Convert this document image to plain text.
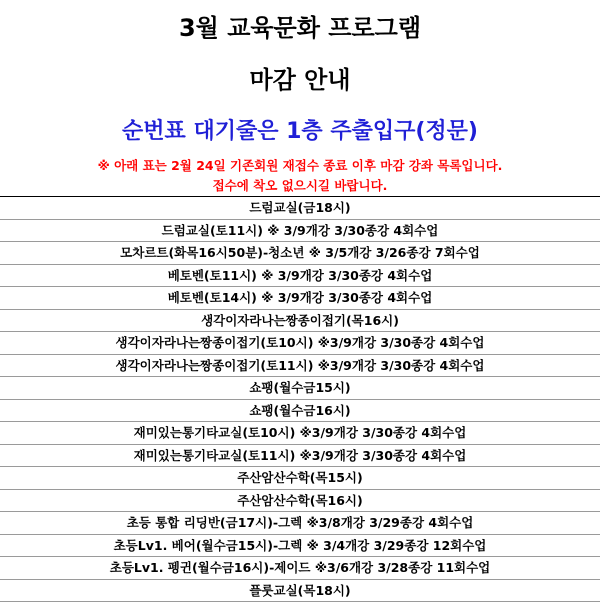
3월 교육문화 프로그램
마감 안내
순번표 대기줄은 1층 주출입구(정문)
※ 아래 표는 2월 24일 기존회원 재접수 종료 이후 마감 강좌 목록입니다.
접수에 착오 없으시길 바랍니다.
드럼교실(금18시)
드럼교실(토11시) ※ 3/9개강 3/30종강 4회수업
모차르트(화목16시50분)-청소년 ※ 3/5개강 3/26종강 7회수업
베토벤(토11시) ※ 3/9개강 3/30종강 4회수업
베토벤(토14시) ※ 3/9개강 3/30종강 4회수업
생각이자라나는짱종이접기(목16시)
생각이자라나는짱종이접기(토10시) ※3/9개강 3/30종강 4회수업
생각이자라나는짱종이접기(토11시) ※3/9개강 3/30종강 4회수업
쇼팽(월수금15시)
쇼팽(월수금16시)
재미있는통기타교실(토10시) ※3/9개강 3/30종강 4회수업
재미있는통기타교실(토11시) ※3/9개강 3/30종강 4회수업
주산암산수학(목15시)
주산암산수학(목16시)
초등 통합 리딩반(금17시)-그렉 ※3/8개강 3/29종강 4회수업
초등Lv1. 베어(월수금15시)-그렉 ※ 3/4개강 3/29종강 12회수업
초등Lv1. 펭귄(월수금16시)-제이드 ※3/6개강 3/28종강 11회수업
플룻교실(목18시)
